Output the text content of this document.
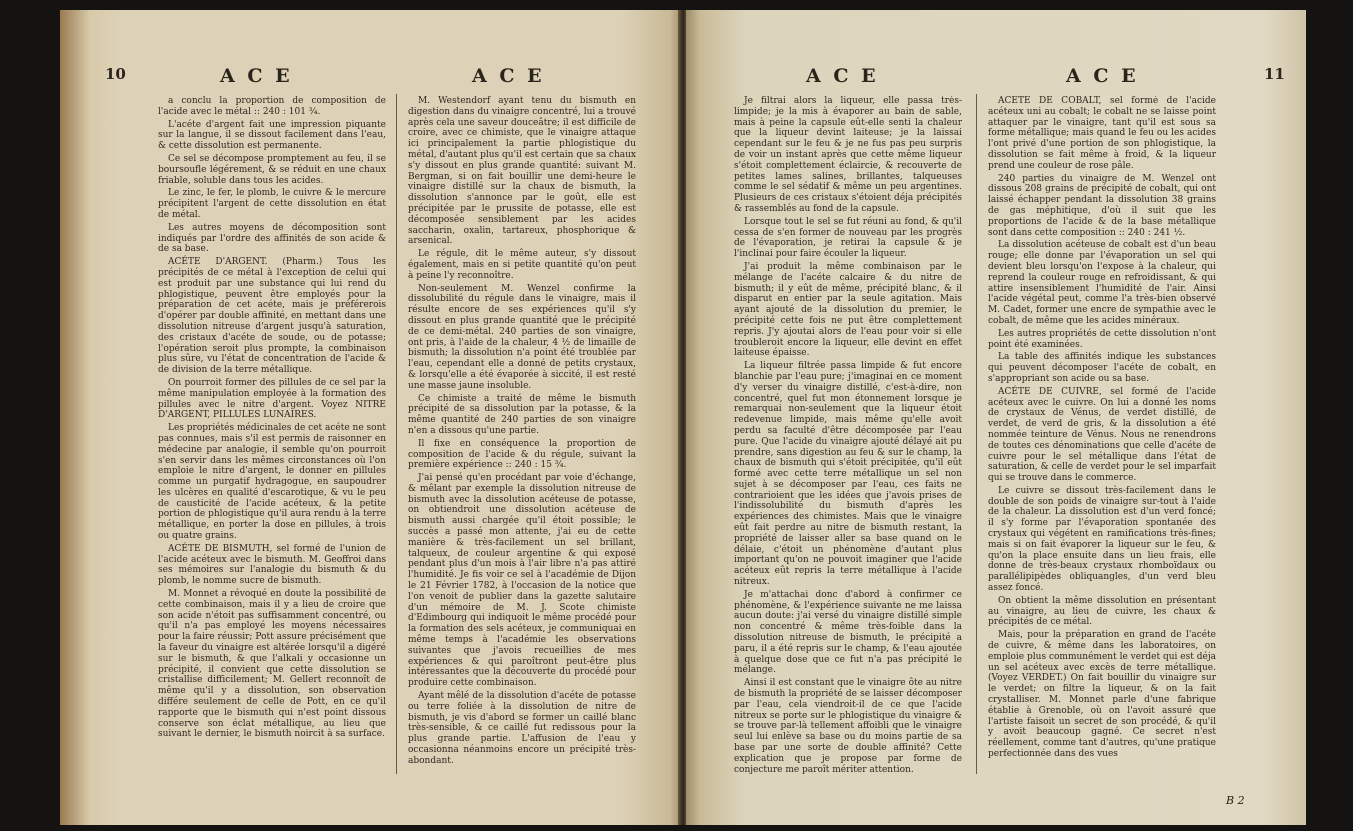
10	A C E	A C E

a conclu la proportion de composition de l'acide avec le métal :: 240 : 101 ¾.

L'acéte d'argent fait une impression piquante sur la langue, il se dissout facilement dans l'eau, & cette dissolution est permanente.

Ce sel se décompose promptement au feu, il se boursoufle légérement, & se réduit en une chaux friable, soluble dans tous les acides.

Le zinc, le fer, le plomb, le cuivre & le mercure précipitent l'argent de cette dissolution en état de métal.

Les autres moyens de décomposition sont indiqués par l'ordre des affinités de son acide & de sa base.

ACÉTE D'ARGENT. (Pharm.) Tous les précipités de ce métal à l'exception de celui qui est produit par une substance qui lui rend du phlogistique, peuvent être employés pour la préparation de cet acéte, mais je préférerois d'opérer par double affinité, en mettant dans une dissolution nitreuse d'argent jusqu'à saturation, des cristaux d'acéte de soude, ou de potasse; l'opération seroit plus prompte, la combinaison plus sûre, vu l'état de concentration de l'acide & de division de la terre métallique.

On pourroit former des pillules de ce sel par la même manipulation employée à la formation des pillules avec le nitre d'argent. Voyez NITRE D'ARGENT, PILLULES LUNAIRES.

Les propriétés médicinales de cet acéte ne sont pas connues, mais s'il est permis de raisonner en médecine par analogie, il semble qu'on pourroit s'en servir dans les mêmes circonstances où l'on emploie le nitre d'argent, le donner en pillules comme un purgatif hydragogue, en saupoudrer les ulcères en qualité d'escarotique, & vu le peu de causticité de l'acide acéteux, & la petite portion de phlogistique qu'il aura rendu à la terre métallique, en porter la dose en pillules, à trois ou quatre grains.

ACÉTE DE BISMUTH, sel formé de l'union de l'acide acéteux avec le bismuth. M. Geoffroi dans ses mémoires sur l'analogie du bismuth & du plomb, le nomme sucre de bismuth.

M. Monnet a révoqué en doute la possibilité de cette combinaison, mais il y a lieu de croire que son acide n'étoit pas suffisamment concentré, ou qu'il n'a pas employé les moyens nécessaires pour la faire réussir; Pott assure précisément que la faveur du vinaigre est altérée lorsqu'il a digéré sur le bismuth, & que l'alkali y occasionne un précipité, il convient que cette dissolution se cristallise difficilement; M. Gellert reconnoît de même qu'il y a dissolution, son observation différe seulement de celle de Pott, en ce qu'il rapporte que le bismuth qui n'est point dissous conserve son éclat métallique, au lieu que suivant le dernier, le bismuth noircit à sa surface.

M. Westendorf ayant tenu du bismuth en digestion dans du vinaigre concentré, lui a trouvé après cela une saveur douceâtre; il est difficile de croire, avec ce chimiste, que le vinaigre attaque ici principalement la partie phlogistique du métal, d'autant plus qu'il est certain que sa chaux s'y dissout en plus grande quantité: suivant M. Bergman, si on fait bouillir une demi-heure le vinaigre distillé sur la chaux de bismuth, la dissolution s'annonce par le goût, elle est précipitée par le prussite de potasse, elle est décomposée sensiblement par les acides saccharin, oxalin, tartareux, phosphorique & arsenical.

Le régule, dit le même auteur, s'y dissout également, mais en si petite quantité qu'on peut à peine l'y reconnoître.

Non-seulement M. Wenzel confirme la dissolubilité du régule dans le vinaigre, mais il résulte encore de ses expériences qu'il s'y dissout en plus grande quantité que le précipité de ce demi-métal. 240 parties de son vinaigre, ont pris, à l'aide de la chaleur, 4 ½ de limaille de bismuth; la dissolution n'a point été troublée par l'eau, cependant elle a donné de petits crystaux, & lorsqu'elle a été évaporée à siccité, il est resté une masse jaune insoluble.

Ce chimiste a traité de même le bismuth précipité de sa dissolution par la potasse, & la même quantité de 240 parties de son vinaigre n'en a dissous qu'une partie.

Il fixe en conséquence la proportion de composition de l'acide & du régule, suivant la première expérience :: 240 : 15 ¾.

J'ai pensé qu'en procédant par voie d'échange, & mêlant par exemple la dissolution nitreuse de bismuth avec la dissolution acéteuse de potasse, on obtiendroit une dissolution acéteuse de bismuth aussi chargée qu'il étoit possible; le succès a passé mon attente, j'ai eu de cette manière & très-facilement un sel brillant, talqueux, de couleur argentine & qui exposé pendant plus d'un mois à l'air libre n'a pas attiré l'humidité. Je fis voir ce sel à l'académie de Dijon le 21 Février 1782, à l'occasion de la notice que l'on venoit de publier dans la gazette salutaire d'un mémoire de M. J. Scote chimiste d'Edimbourg qui indiquoit le même procédé pour la formation des sels acéteux, je communiquai en même temps à l'académie les observations suivantes que j'avois recueillies de mes expériences & qui paroîtront peut-être plus intéressantes que la découverte du procédé pour produire cette combinaison.

Ayant mêlé de la dissolution d'acéte de potasse ou terre foliée à la dissolution de nitre de bismuth, je vis d'abord se former un caillé blanc très-sensible, & ce caillé fut redissous pour la plus grande partie. L'affusion de l'eau y occasionna néanmoins encore un précipité très-abondant.

A C E	A C E	11

Je filtrai alors la liqueur, elle passa très-limpide; je la mis à évaporer au bain de sable, mais à peine la capsule eût-elle senti la chaleur que la liqueur devint laiteuse; je la laissai cependant sur le feu & je ne fus pas peu surpris de voir un instant après que cette même liqueur s'étoit complettement éclaircie, & recouverte de petites lames salines, brillantes, talqueuses comme le sel sédatif & même un peu argentines. Plusieurs de ces cristaux s'étoient déja précipités & rassemblés au fond de la capsule.

Lorsque tout le sel se fut réuni au fond, & qu'il cessa de s'en former de nouveau par les progrès de l'évaporation, je retirai la capsule & je l'inclinai pour faire écouler la liqueur.

J'ai produit la même combinaison par le mélange de l'acéte calcaire & du nitre de bismuth; il y eût de même, précipité blanc, & il disparut en entier par la seule agitation. Mais ayant ajouté de la dissolution du premier, le précipité cette fois ne put être complettement repris. J'y ajoutai alors de l'eau pour voir si elle troubleroit encore la liqueur, elle devint en effet laiteuse épaisse.

La liqueur filtrée passa limpide & fut encore blanchie par l'eau pure; j'imaginai en ce moment d'y verser du vinaigre distillé, c'est-à-dire, non concentré, quel fut mon étonnement lorsque je remarquai non-seulement que la liqueur étoit redevenue limpide, mais même qu'elle avoit perdu sa faculté d'être décomposée par l'eau pure. Que l'acide du vinaigre ajouté délayé ait pu prendre, sans digestion au feu & sur le champ, la chaux de bismuth qui s'étoit précipitée, qu'il eût formé avec cette terre métallique un sel non sujet à se décomposer par l'eau, ces faits ne contrarioient que les idées que j'avois prises de l'indissolubilité du bismuth d'après les expériences des chimistes. Mais que le vinaigre eût fait perdre au nitre de bismuth restant, la propriété de laisser aller sa base quand on le délaie, c'étoit un phénomène d'autant plus important qu'on ne pouvoit imaginer que l'acide acéteux eût repris la terre métallique à l'acide nitreux.

Je m'attachai donc d'abord à confirmer ce phénomène, & l'expérience suivante ne me laissa aucun doute: j'ai versé du vinaigre distillé simple non concentré & même très-foible dans la dissolution nitreuse de bismuth, le précipité a paru, il a été repris sur le champ, & l'eau ajoutée à quelque dose que ce fut n'a pas précipité le mélange.

Ainsi il est constant que le vinaigre ôte au nitre de bismuth la propriété de se laisser décomposer par l'eau, cela viendroit-il de ce que l'acide nitreux se porte sur le phlogistique du vinaigre & se trouve par-là tellement affoibli que le vinaigre seul lui enlève sa base ou du moins partie de sa base par une sorte de double affinité? Cette explication que je propose par forme de conjecture me paroît mériter attention.

ACÉTE DE COBALT, sel formé de l'acide acéteux uni au cobalt; le cobalt ne se laisse point attaquer par le vinaigre, tant qu'il est sous sa forme métallique; mais quand le feu ou les acides l'ont privé d'une portion de son phlogistique, la dissolution se fait même à froid, & la liqueur prend une couleur de rose pâle.

240 parties du vinaigre de M. Wenzel ont dissous 208 grains de précipité de cobalt, qui ont laissé échapper pendant la dissolution 38 grains de gas méphitique, d'où il suit que les proportions de l'acide & de la base métallique sont dans cette composition :: 240 : 241 ½.

La dissolution acéteuse de cobalt est d'un beau rouge; elle donne par l'évaporation un sel qui devient bleu lorsqu'on l'expose à la chaleur, qui reprend la couleur rouge en refroidissant, & qui attire insensiblement l'humidité de l'air. Ainsi l'acide végétal peut, comme l'a très-bien observé M. Cadet, former une encre de sympathie avec le cobalt, de même que les acides minéraux.

Les autres propriétés de cette dissolution n'ont point été examinées.

La table des affinités indique les substances qui peuvent décomposer l'acéte de cobalt, en s'appropriant son acide ou sa base.

ACÉTE DE CUIVRE, sel formé de l'acide acéteux avec le cuivre. On lui a donné les noms de crystaux de Vénus, de verdet distillé, de verdet, de verd de gris, & la dissolution a été nommée teinture de Vénus. Nous ne renendrons de toutes ces dénominations que celle d'acéte de cuivre pour le sel métallique dans l'état de saturation, & celle de verdet pour le sel imparfait qui se trouve dans le commerce.

Le cuivre se dissout très-facilement dans le double de son poids de vinaigre sur-tout à l'aide de la chaleur. La dissolution est d'un verd foncé; il s'y forme par l'évaporation spontanée des crystaux qui végétent en ramifications très-fines; mais si on fait évaporer la liqueur sur le feu, & qu'on la place ensuite dans un lieu frais, elle donne de très-beaux crystaux rhomboïdaux ou parallélipipèdes obliquangles, d'un verd bleu assez foncé.

On obtient la même dissolution en présentant au vinaigre, au lieu de cuivre, les chaux & précipités de ce métal.

Mais, pour la préparation en grand de l'acéte de cuivre, & même dans les laboratoires, on emploie plus communément le verdet qui est déja un sel acéteux avec excès de terre métallique. (Voyez VERDET.) On fait bouillir du vinaigre sur le verdet; on filtre la liqueur, & on la fait crystalliser. M. Monnet parle d'une fabrique établie à Grenoble, où on l'avoit assuré que l'artiste faisoit un secret de son procédé, & qu'il y avoit beaucoup gagné. Ce secret n'est réellement, comme tant d'autres, qu'une pratique perfectionnée dans des vues

B 2
